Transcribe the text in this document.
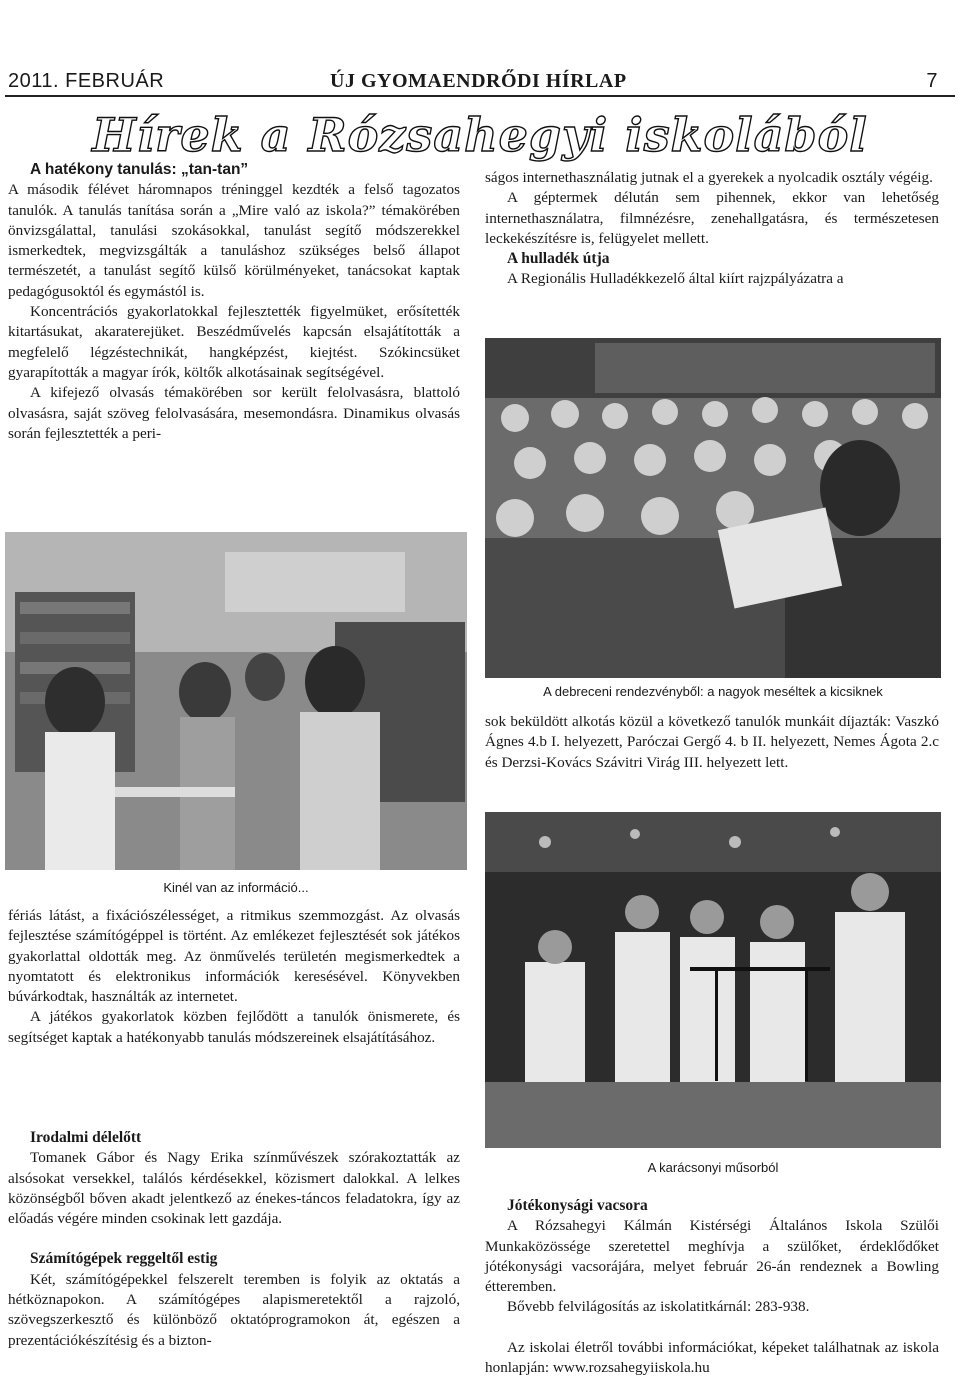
2011. FEBRUÁR	ÚJ GYOMAENDRŐDI HÍRLAP	7
Hírek a Rózsahegyi iskolából

A hatékony tanulás: „tan-tan”

A második félévet háromnapos tréninggel kezdték a felső tagozatos tanulók. A tanulás tanítása során a „Mire való az iskola?” témakörében önvizsgálattal, tanulási szokásokkal, tanulást segítő módszerekkel ismerkedtek, megvizsgálták a tanuláshoz szükséges belső állapot természetét, a tanulást segítő külső körülményeket, tanácsokat kaptak pedagógusoktól és egymástól is.

Koncentrációs gyakorlatokkal fejlesztették figyelmüket, erősítették kitartásukat, akaraterejüket. Beszédművelés kapcsán elsajátították a megfelelő légzéstechnikát, hangképzést, kiejtést. Szókincsüket gyarapították a magyar írók, költők alkotásainak segítségével.

A kifejező olvasás témakörében sor került felolvasásra, blattoló olvasásra, saját szöveg felolvasására, mesemondásra. Dinamikus olvasás során fejlesztették a peri-

Kinél van az információ...

fériás látást, a fixációszélességet, a ritmikus szemmozgást. Az olvasás fejlesztése számítógéppel is történt. Az emlékezet fejlesztését sok játékos gyakorlattal oldották meg. Az önművelés területén megismerkedtek a nyomtatott és elektronikus információk keresésével. Könyvekben búvárkodtak, használták az internetet.

A játékos gyakorlatok közben fejlődött a tanulók önismerete, és segítséget kaptak a hatékonyabb tanulás módszereinek elsajátításához.

Irodalmi délelőtt

Tomanek Gábor és Nagy Erika színművészek szórakoztatták az alsósokat versekkel, találós kérdésekkel, közismert dalokkal. A lelkes közönségből bőven akadt jelentkező az énekes-táncos feladatokra, így az előadás végére minden csokinak lett gazdája.

Számítógépek reggeltől estig

Két, számítógépekkel felszerelt teremben is folyik az oktatás a hétköznapokon. A számítógépes alapismeretektől a rajzoló, szövegszerkesztő és különböző oktatóprogramokon át, egészen a prezentációkészítésig és a bizton-

ságos internethasználatig jutnak el a gyerekek a nyolcadik osztály végéig.

A géptermek délután sem pihennek, ekkor van lehetőség internethasználatra, filmnézésre, zenehallgatásra, és természetesen leckekészítésre is, felügyelet mellett.

A hulladék útja

A Regionális Hulladékkezelő által kiírt rajzpályázatra a

A debreceni rendezvényből: a nagyok meséltek a kicsiknek

sok beküldött alkotás közül a következő tanulók munkáit díjazták: Vaszkó Ágnes 4.b I. helyezett, Paróczai Gergő 4. b II. helyezett, Nemes Ágota 2.c és Derzsi-Kovács Szávitri Virág III. helyezett lett.

A karácsonyi műsorból

Jótékonysági vacsora

A Rózsahegyi Kálmán Kistérségi Általános Iskola Szülői Munkaközössége szeretettel meghívja a szülőket, érdeklődőket jótékonysági vacsorájára, melyet február 26-án rendeznek a Bowling étteremben.

Bővebb felvilágosítás az iskolatitkárnál: 283-938.

Az iskolai életről további információkat, képeket találhatnak az iskola honlapján: www.rozsahegyiiskola.hu
